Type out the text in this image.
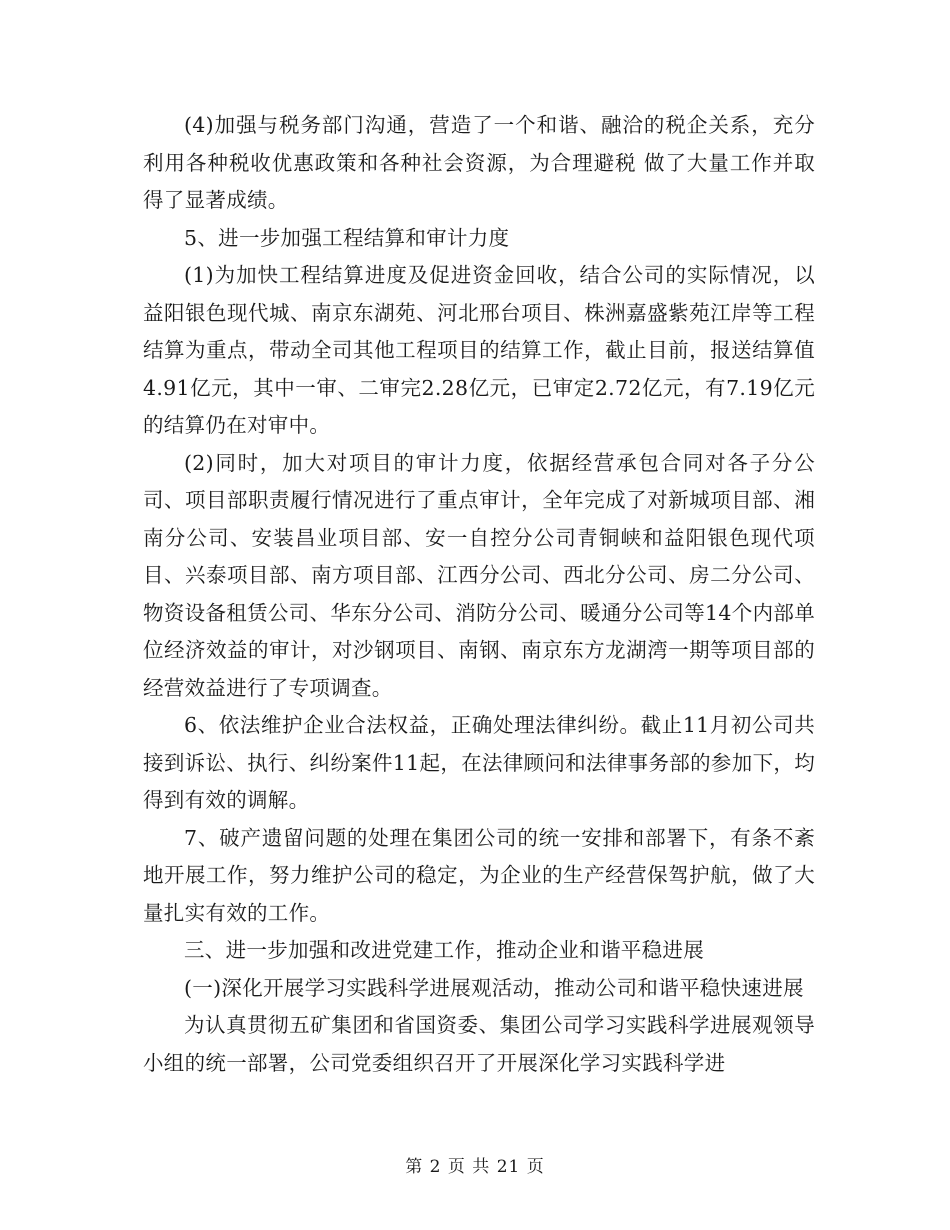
(4)加强与税务部门沟通，营造了一个和谐、融洽的税企关系，充分利用各种税收优惠政策和各种社会资源，为合理避税 做了大量工作并取得了显著成绩。

5、进一步加强工程结算和审计力度

(1)为加快工程结算进度及促进资金回收，结合公司的实际情况，以益阳银色现代城、南京东湖苑、河北邢台项目、株洲嘉盛紫苑江岸等工程结算为重点，带动全司其他工程项目的结算工作，截止目前，报送结算值4.91亿元，其中一审、二审完2.28亿元，已审定2.72亿元，有7.19亿元的结算仍在对审中。

(2)同时，加大对项目的审计力度，依据经营承包合同对各子分公司、项目部职责履行情况进行了重点审计，全年完成了对新城项目部、湘南分公司、安装昌业项目部、安一自控分公司青铜峡和益阳银色现代项目、兴泰项目部、南方项目部、江西分公司、西北分公司、房二分公司、物资设备租赁公司、华东分公司、消防分公司、暖通分公司等14个内部单位经济效益的审计，对沙钢项目、南钢、南京东方龙湖湾一期等项目部的经营效益进行了专项调查。

6、依法维护企业合法权益，正确处理法律纠纷。截止11月初公司共接到诉讼、执行、纠纷案件11起，在法律顾问和法律事务部的参加下，均得到有效的调解。

7、破产遗留问题的处理在集团公司的统一安排和部署下，有条不紊地开展工作，努力维护公司的稳定，为企业的生产经营保驾护航，做了大量扎实有效的工作。

三、进一步加强和改进党建工作，推动企业和谐平稳进展

(一)深化开展学习实践科学进展观活动，推动公司和谐平稳快速进展

为认真贯彻五矿集团和省国资委、集团公司学习实践科学进展观领导小组的统一部署，公司党委组织召开了开展深化学习实践科学进

第 2 页 共 21 页
